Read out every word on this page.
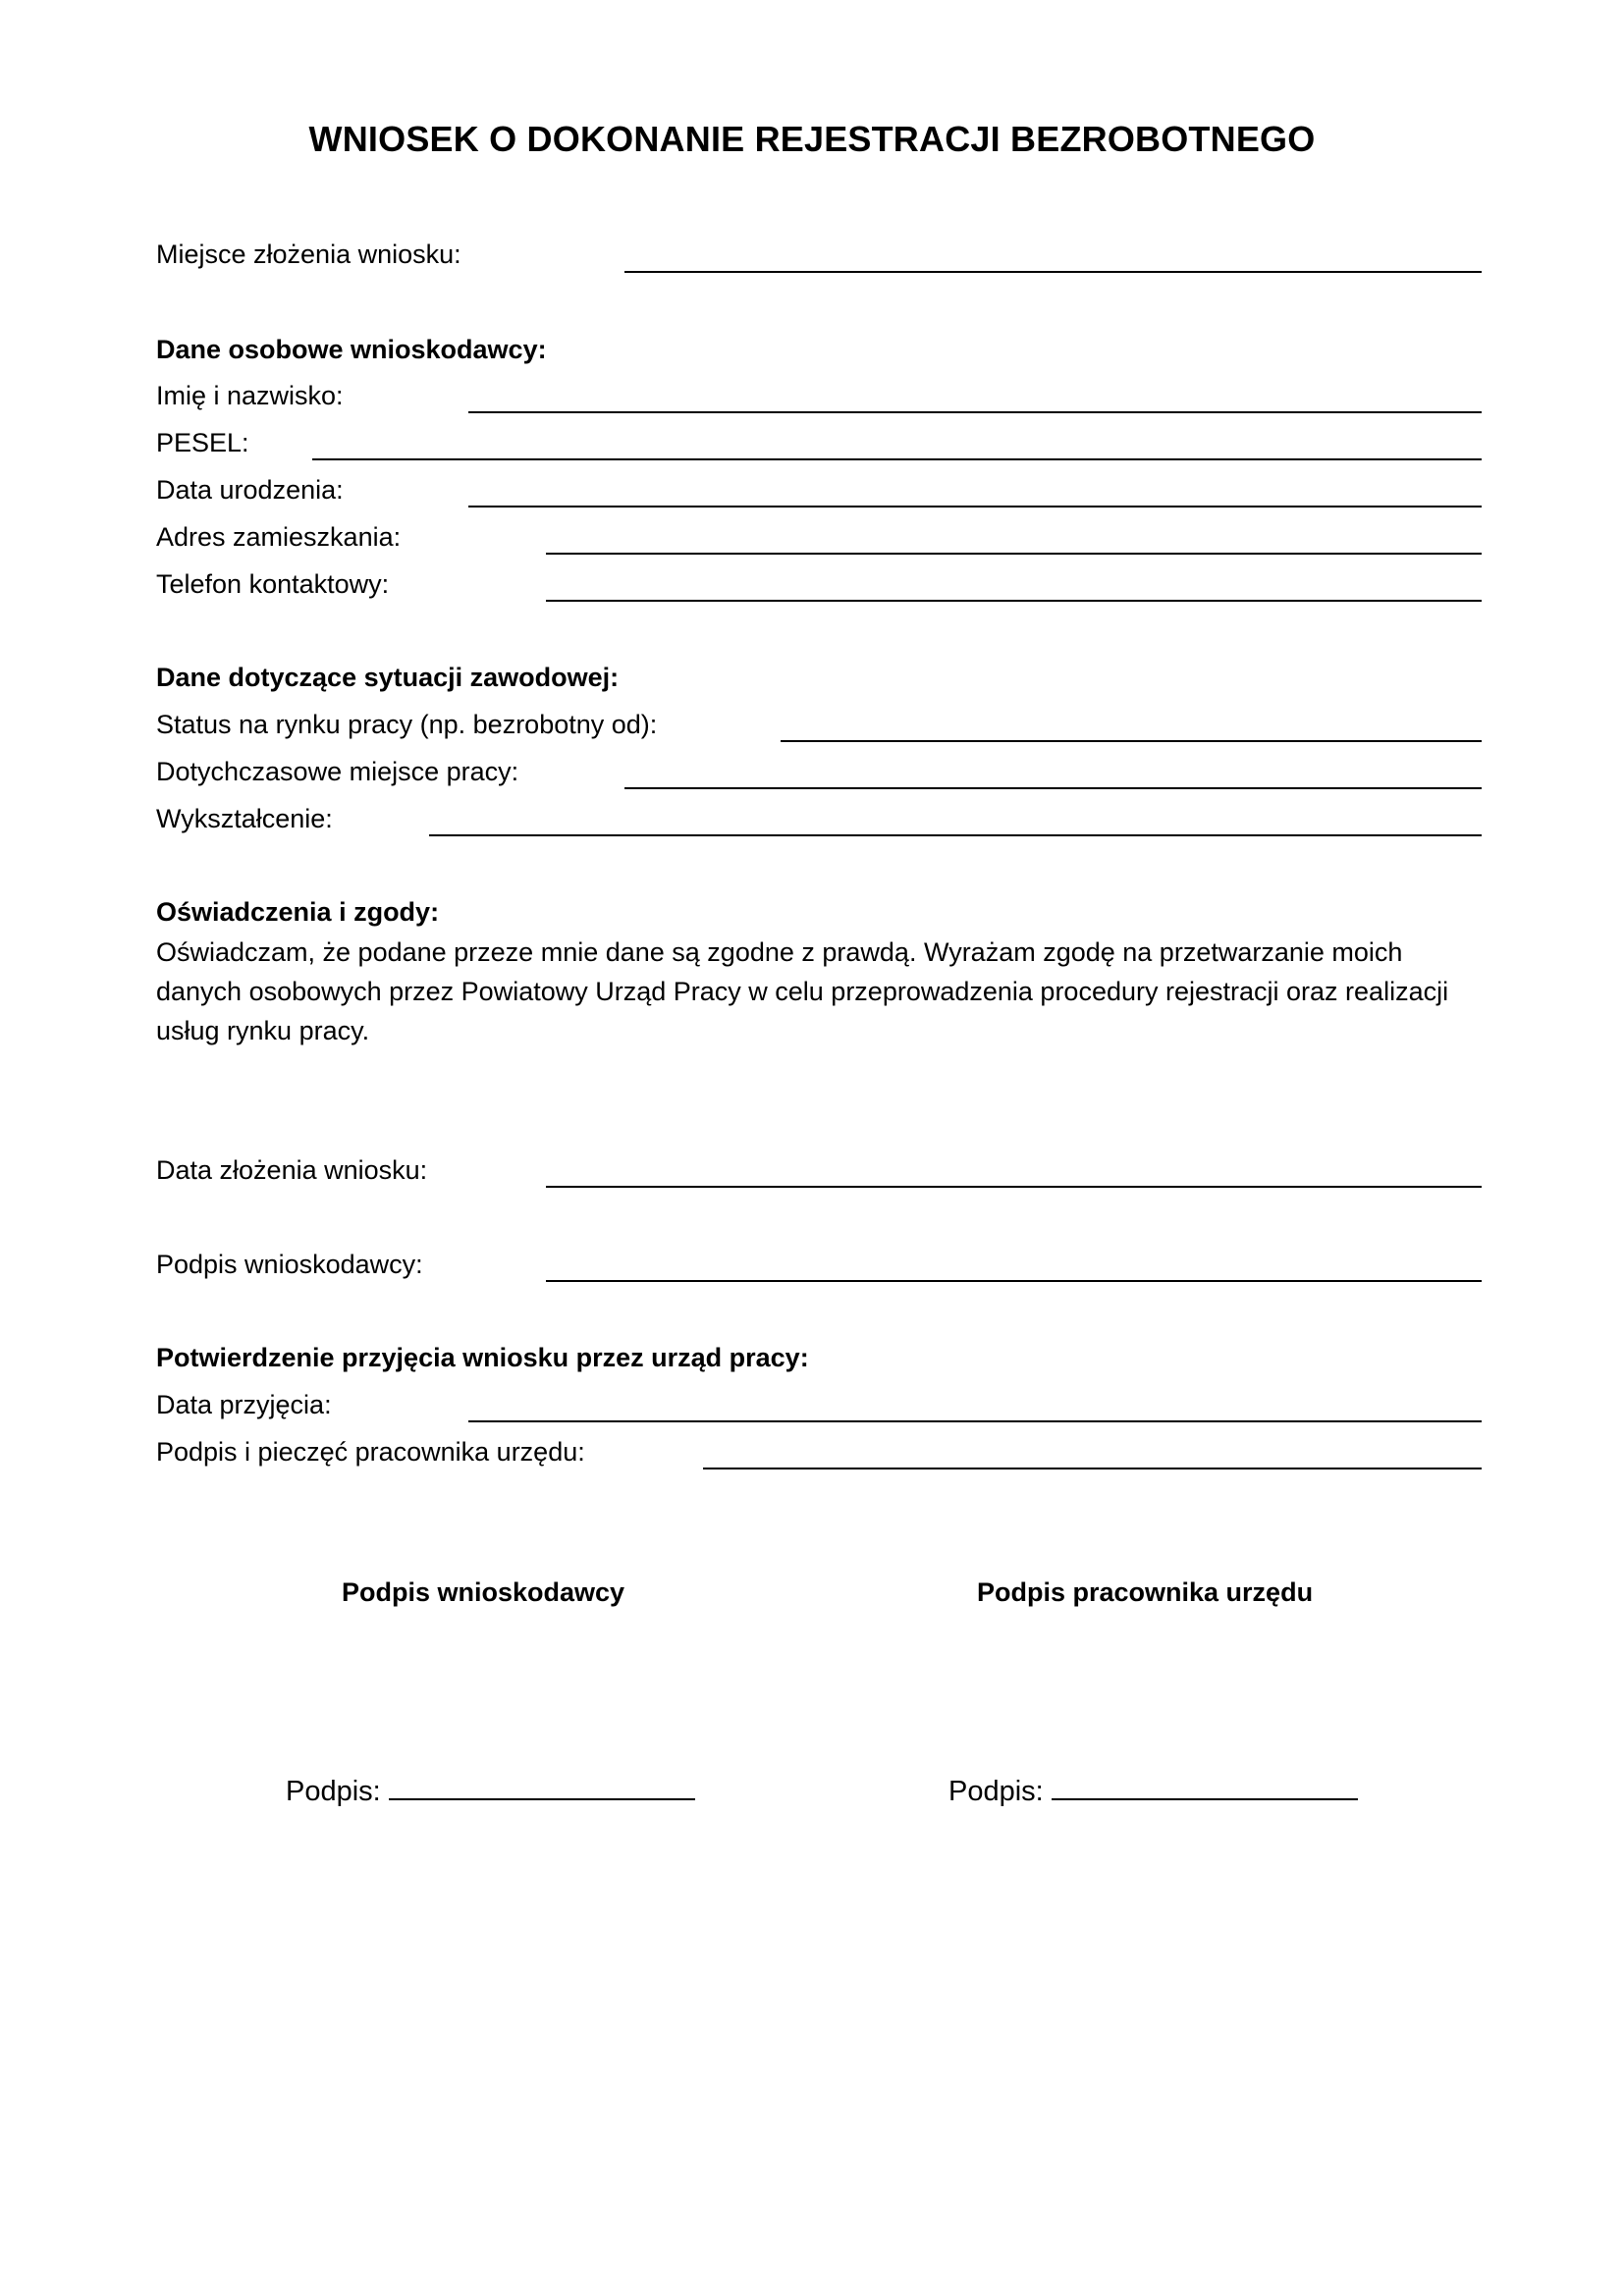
WNIOSEK O DOKONANIE REJESTRACJI BEZROBOTNEGO
Miejsce złożenia wniosku:
Dane osobowe wnioskodawcy:
Imię i nazwisko:
PESEL:
Data urodzenia:
Adres zamieszkania:
Telefon kontaktowy:
Dane dotyczące sytuacji zawodowej:
Status na rynku pracy (np. bezrobotny od):
Dotychczasowe miejsce pracy:
Wykształcenie:
Oświadczenia i zgody:
Oświadczam, że podane przeze mnie dane są zgodne z prawdą. Wyrażam zgodę na przetwarzanie moich danych osobowych przez Powiatowy Urząd Pracy w celu przeprowadzenia procedury rejestracji oraz realizacji usług rynku pracy.
Data złożenia wniosku:
Podpis wnioskodawcy:
Potwierdzenie przyjęcia wniosku przez urząd pracy:
Data przyjęcia:
Podpis i pieczęć pracownika urzędu:
Podpis wnioskodawcy	Podpis pracownika urzędu
Podpis:	Podpis:
